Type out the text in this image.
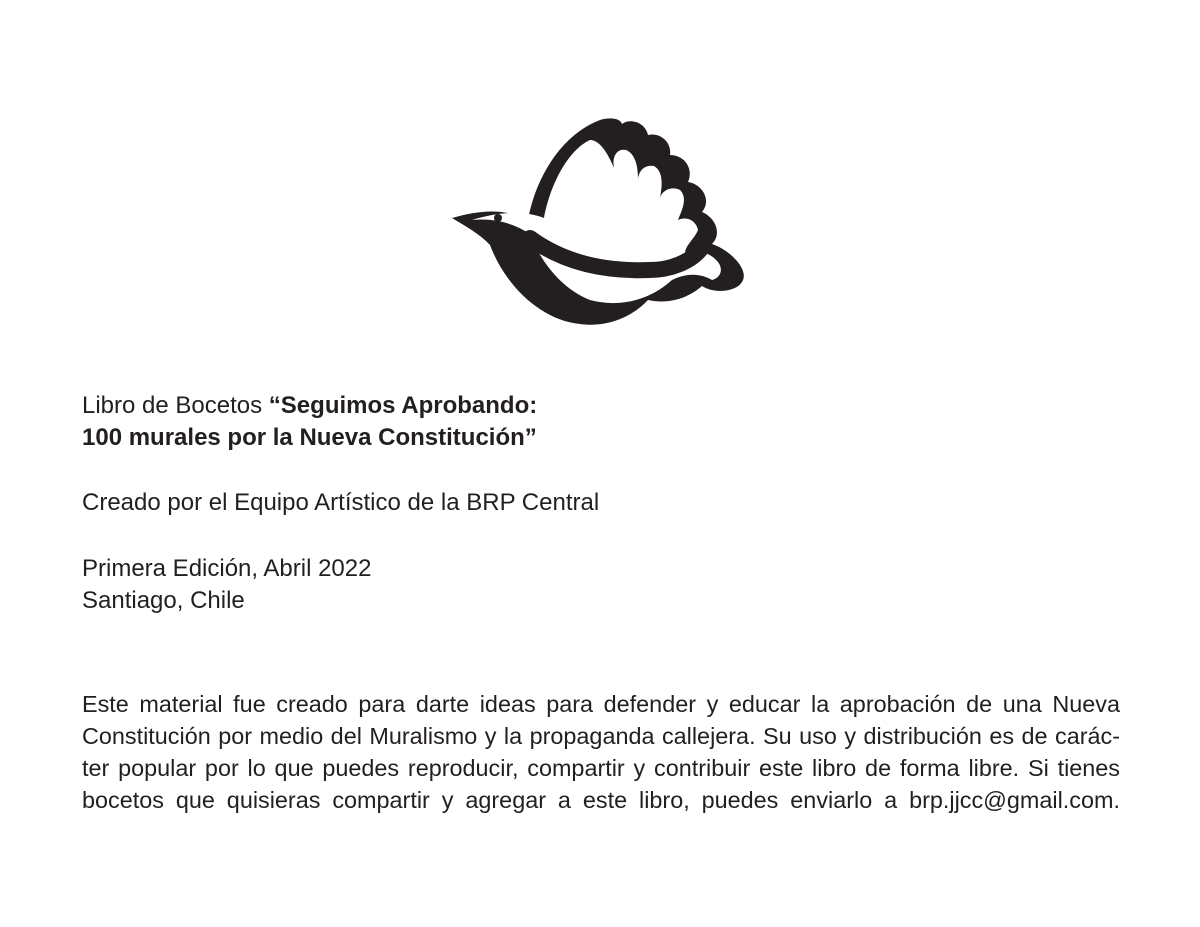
Libro de Bocetos “Seguimos Aprobando:
100 murales por la Nueva Constitución”
Creado por el Equipo Artístico de la BRP Central
Primera Edición, Abril 2022
Santiago, Chile
Este material fue creado para darte ideas para defender y educar la aprobación de una Nueva
Constitución por medio del Muralismo y la propaganda callejera. Su uso y distribución es de carác-
ter popular por lo que puedes reproducir, compartir y contribuir este libro de forma libre. Si tienes
bocetos que quisieras compartir y agregar a este libro, puedes enviarlo a brp.jjcc@gmail.com.
